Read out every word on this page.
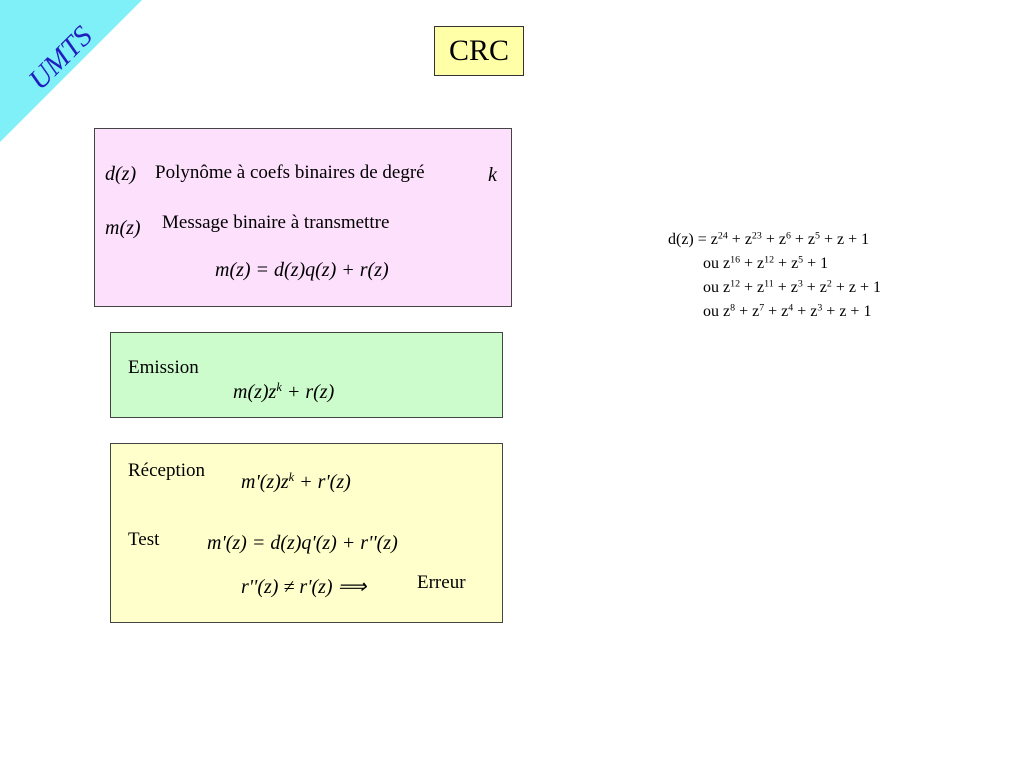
UMTS	CRC
d(z) Polynôme à coefs binaires de degré	k
m(z) Message binaire à transmettre
m(z) = d(z)q(z) + r(z)
Emission
$m(z)z^k + r(z)$
Réception
$m'(z)z^k + r'(z)$
Test m'(z) = d(z)q'(z) + r''(z)
r''(z) ≠ r'(z) ⟹	Erreur
$d(z) = z^{24} + z^{23} + z^6 + z^5 + z + 1$
ou $z^{16} + z^{12} + z^5 + 1$
ou $z^{12} + z^{11} + z^3 + z^2 + z + 1$
ou $z^8 + z^7 + z^4 + z^3 + z + 1$
